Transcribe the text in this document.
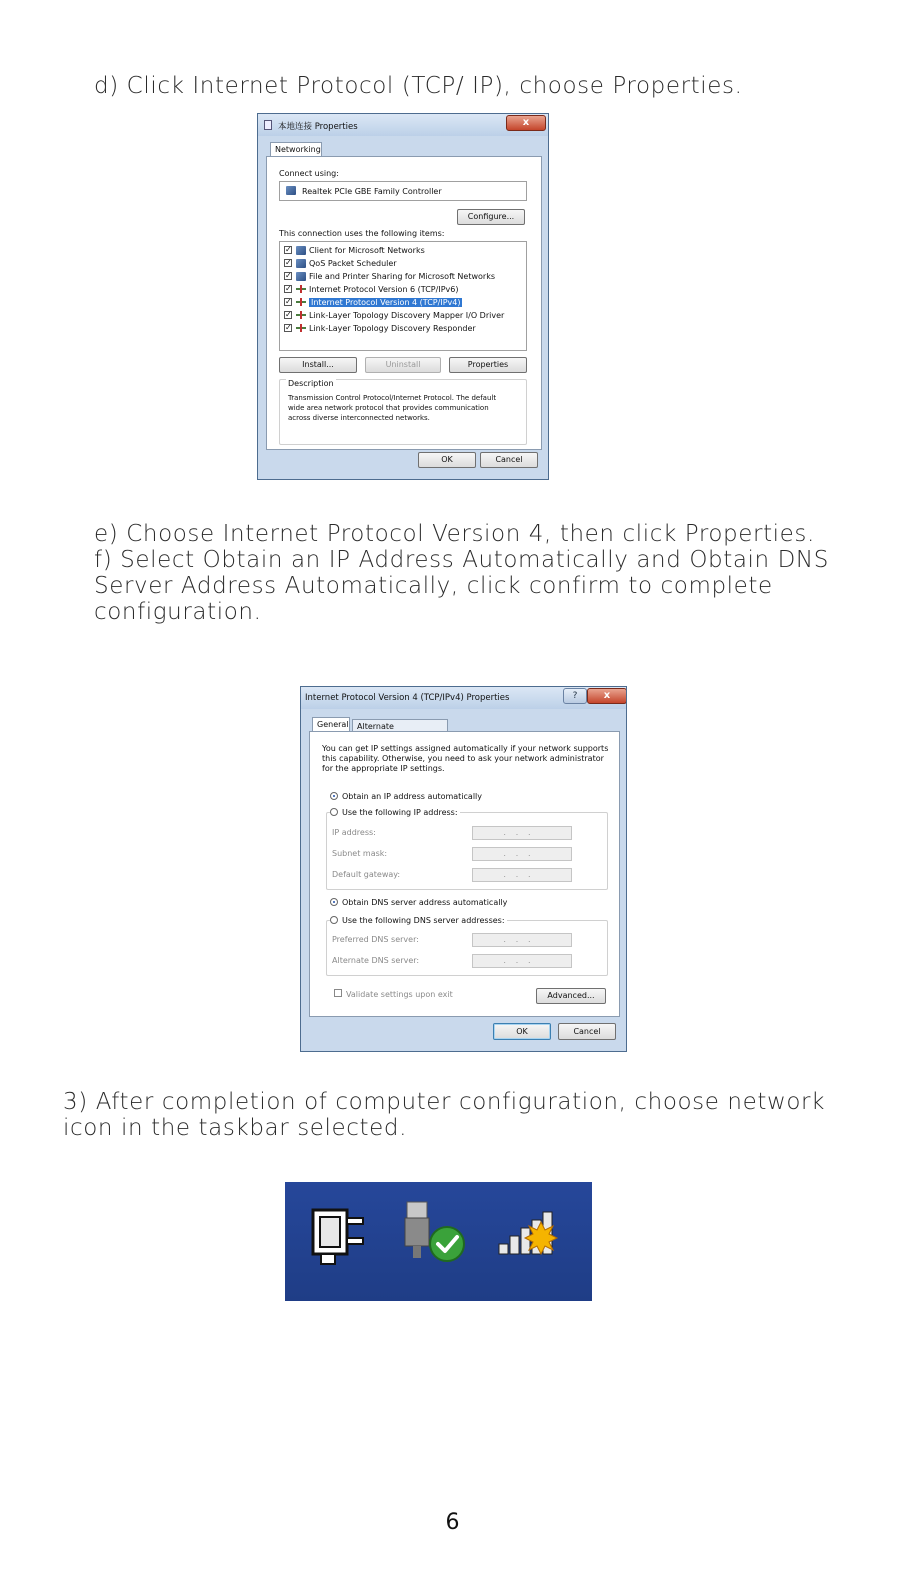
d) Click Internet Protocol (TCP/ IP), choose Properties.
本地连接 Properties	x
Networking
Connect using:
Realtek PCIe GBE Family Controller
Configure...
This connection uses the following items:
✓ Client for Microsoft Networks
✓ QoS Packet Scheduler
✓ File and Printer Sharing for Microsoft Networks
✓ Internet Protocol Version 6 (TCP/IPv6)
✓ Internet Protocol Version 4 (TCP/IPv4)
✓ Link-Layer Topology Discovery Mapper I/O Driver
✓ Link-Layer Topology Discovery Responder
Install...	Uninstall	Properties
Description
Transmission Control Protocol/Internet Protocol. The default
wide area network protocol that provides communication
across diverse interconnected networks.
OK	Cancel
e) Choose Internet Protocol Version 4, then click Properties.
f) Select Obtain an IP Address Automatically and Obtain DNS
Server Address Automatically, click confirm to complete
configuration.
Internet Protocol Version 4 (TCP/IPv4) Properties	?	x
General	Alternate
You can get IP settings assigned automatically if your network supports
this capability. Otherwise, you need to ask your network administrator
for the appropriate IP settings.
Obtain an IP address automatically
Use the following IP address:
IP address:	...
Subnet mask:	...
Default gateway:	...
Obtain DNS server address automatically
Use the following DNS server addresses:
Preferred DNS server:	...
Alternate DNS server:	...
Validate settings upon exit	Advanced...
OK	Cancel
3) After completion of computer configuration, choose network
icon in the taskbar selected.
6
